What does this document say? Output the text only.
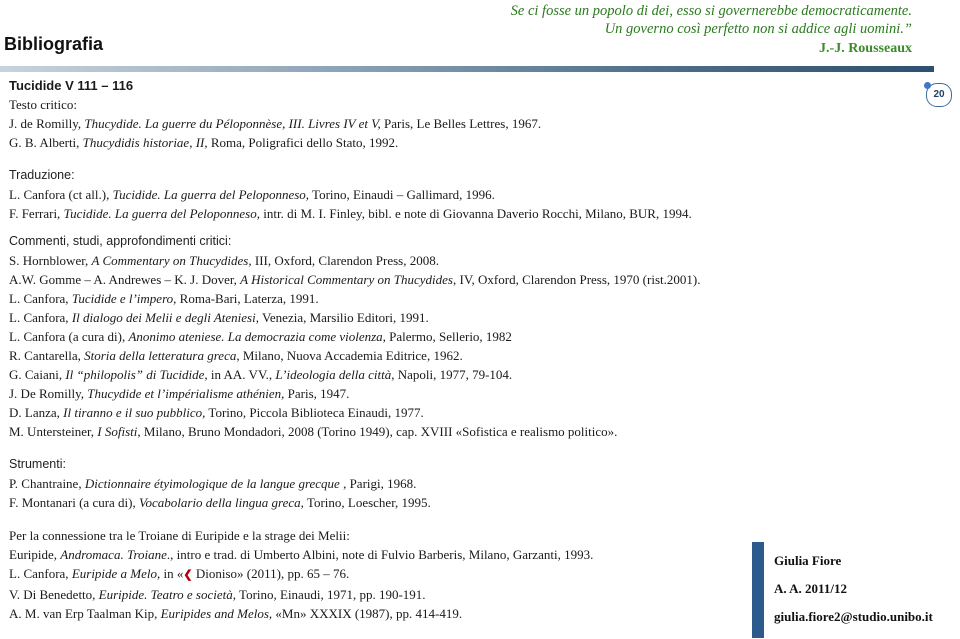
Bibliografia
Se ci fosse un popolo di dei, esso si governerebbe democraticamente.
Un governo così perfetto non si addice agli uomini.”
J.-J. Rousseaux
20
Tucidide V 111 – 116
Testo critico:
J. de Romilly, Thucydide. La guerre du Péloponnèse, III. Livres IV et V, Paris, Le Belles Lettres, 1967.
G. B. Alberti, Thucydidis historiae, II, Roma, Poligrafici dello Stato, 1992.
Traduzione:
L. Canfora (ct all.), Tucidide. La guerra del Peloponneso, Torino, Einaudi – Gallimard, 1996.
F. Ferrari, Tucidide. La guerra del Peloponneso, intr. di M. I. Finley, bibl. e note di Giovanna Daverio Rocchi, Milano, BUR, 1994.
Commenti, studi, approfondimenti critici:
S. Hornblower, A Commentary on Thucydides, III, Oxford, Clarendon Press, 2008.
A.W. Gomme – A. Andrewes – K. J. Dover, A Historical Commentary on Thucydides, IV, Oxford, Clarendon Press, 1970 (rist.2001).
L. Canfora, Tucidide e l’impero, Roma-Bari, Laterza, 1991.
L. Canfora, Il dialogo dei Melii e degli Ateniesi, Venezia, Marsilio Editori, 1991.
L. Canfora (a cura di), Anonimo ateniese. La democrazia come violenza, Palermo, Sellerio, 1982
R. Cantarella, Storia della letteratura greca, Milano, Nuova Accademia Editrice, 1962.
G. Caiani, Il “philopolis” di Tucidide, in AA. VV., L’ideologia della città, Napoli, 1977, 79-104.
J. De Romilly, Thucydide et l’impérialisme athénien, Paris, 1947.
D. Lanza, Il tiranno e il suo pubblico, Torino, Piccola Biblioteca Einaudi, 1977.
M. Untersteiner, I Sofisti, Milano, Bruno Mondadori, 2008 (Torino 1949), cap. XVIII «Sofistica e realismo politico».
Strumenti:
P. Chantraine, Dictionnaire étyimologique de la langue grecque , Parigi, 1968.
F. Montanari (a cura di), Vocabolario della lingua greca, Torino, Loescher, 1995.
Per la connessione tra le Troiane di Euripide e la strage dei Melii:
Euripide, Andromaca. Troiane., intro e trad. di Umberto Albini, note di Fulvio Barberis, Milano, Garzanti, 1993.
L. Canfora, Euripide a Melo, in «❮ Dioniso» (2011), pp. 65 – 76.
V. Di Benedetto, Euripide. Teatro e società, Torino, Einaudi, 1971, pp. 190-191.
A. M. van Erp Taalman Kip, Euripides and Melos, «Mn» XXXIX (1987), pp. 414-419.
Giulia Fiore
A. A. 2011/12
giulia.fiore2@studio.unibo.it
